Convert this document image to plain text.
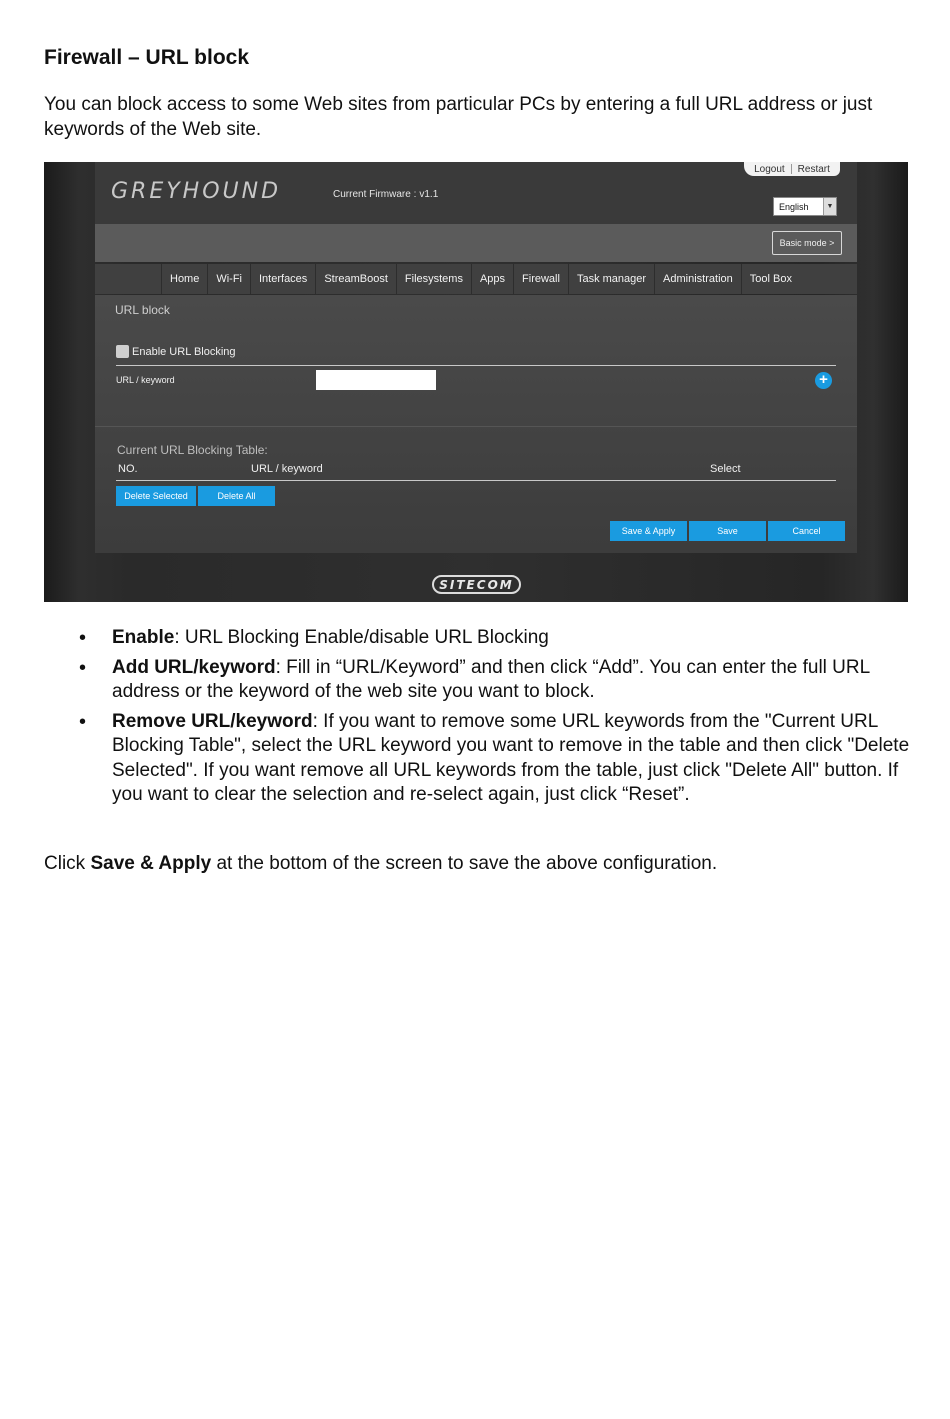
Firewall – URL block

You can block access to some Web sites from particular PCs by entering a full URL address or just keywords of the Web site.

GREYHOUND	Current Firmware : v1.1
Logout Restart
English	▼
Basic mode >
Home	Wi-Fi	Interfaces	StreamBoost	Filesystems	Apps	Firewall	Task manager	Administration	Tool Box
URL block
Enable URL Blocking
URL / keyword	+
Current URL Blocking Table:
NO.	URL / keyword	Select
Delete Selected	Delete All
Save & Apply	Save	Cancel
SITECOM
• Enable: URL Blocking Enable/disable URL Blocking
• Add URL/keyword: Fill in “URL/Keyword” and then click “Add”. You can enter the full URL address or the keyword of the web site you want to block.
• Remove URL/keyword: If you want to remove some URL keywords from the "Current URL Blocking Table", select the URL keyword you want to remove in the table and then click "Delete Selected". If you want remove all URL keywords from the table, just click "Delete All" button. If you want to clear the selection and re-select again, just click “Reset”.

Click Save & Apply at the bottom of the screen to save the above configuration.
